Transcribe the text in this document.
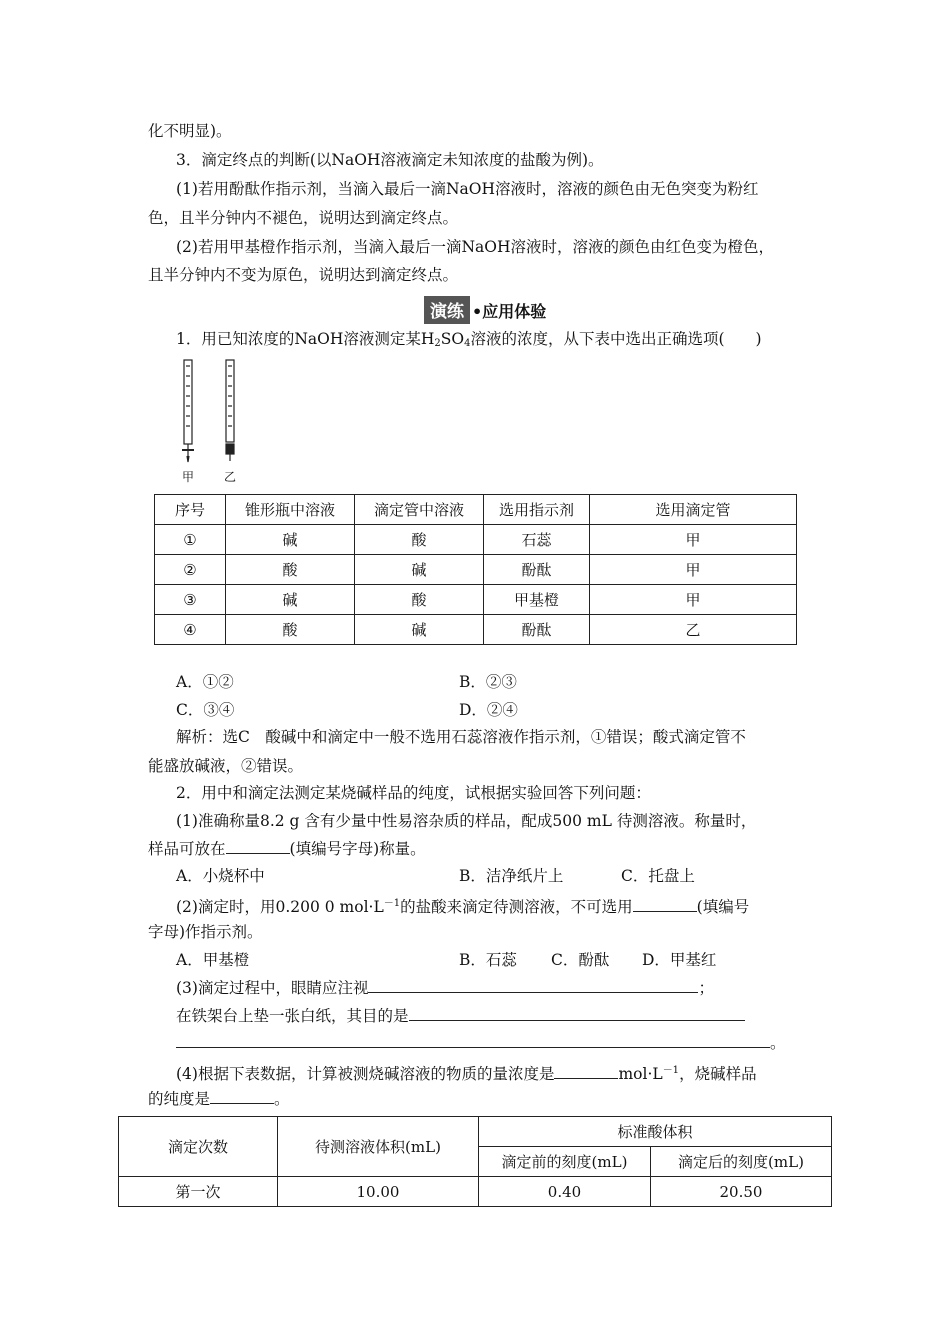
化不明显)。
3．滴定终点的判断(以NaOH溶液滴定未知浓度的盐酸为例)。
(1)若用酚酞作指示剂，当滴入最后一滴NaOH溶液时，溶液的颜色由无色突变为粉红
色，且半分钟内不褪色，说明达到滴定终点。
(2)若用甲基橙作指示剂，当滴入最后一滴NaOH溶液时，溶液的颜色由红色变为橙色，
且半分钟内不变为原色，说明达到滴定终点。
演练 •应用体验
1．用已知浓度的NaOH溶液测定某H2SO4溶液的浓度，从下表中选出正确选项(　　)
甲 乙
序号	锥形瓶中溶液	滴定管中溶液	选用指示剂	选用滴定管
①	碱	酸	石蕊	甲
②	酸	碱	酚酞	甲
③	碱	酸	甲基橙	甲
④	酸	碱	酚酞	乙
A．①②	B．②③
C．③④	D．②④
解析：选C　酸碱中和滴定中一般不选用石蕊溶液作指示剂，①错误；酸式滴定管不
能盛放碱液，②错误。
2．用中和滴定法测定某烧碱样品的纯度，试根据实验回答下列问题：
(1)准确称量8.2 g 含有少量中性易溶杂质的样品，配成500 mL 待测溶液。称量时，
样品可放在	(填编号字母)称量。
A．小烧杯中	B．洁净纸片上	C．托盘上
(2)滴定时，用0.200 0 $mol\cdot L^{-1}$的盐酸来滴定待测溶液，不可选用	(填编号
字母)作指示剂。
A．甲基橙	B．石蕊 C．酚酞 D．甲基红
(3)滴定过程中，眼睛应注视	；
在铁架台上垫一张白纸，其目的是
。
(4)根据下表数据，计算被测烧碱溶液的物质的量浓度是	$mol\cdot L^{-1}$，烧碱样品
的纯度是	。
滴定次数	待测溶液体积(mL)	标准酸体积	
		滴定前的刻度(mL)	滴定后的刻度(mL)
第一次	10.00	0.40	20.50
